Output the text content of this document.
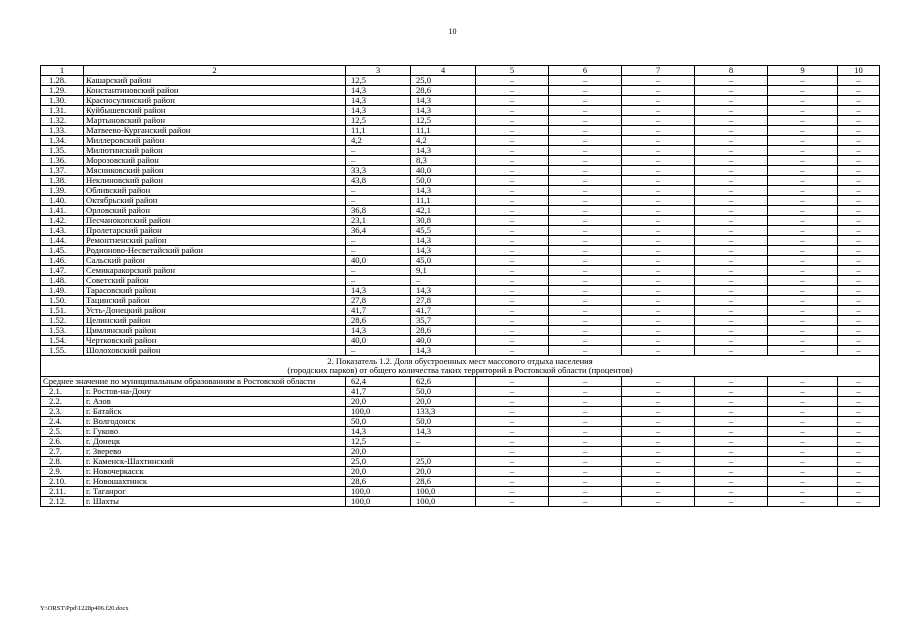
10
1	2	3	4	5	6	7	8	9	10
1.28.	Кашарский район	12,5	25,0	–	–	–	–	–	–
1.29.	Константиновский район	14,3	28,6	–	–	–	–	–	–
1.30.	Красносулинский район	14,3	14,3	–	–	–	–	–	–
1.31.	Куйбышевский район	14,3	14,3	–	–	–	–	–	–
1.32.	Мартыновский район	12,5	12,5	–	–	–	–	–	–
1.33.	Матвеево-Курганский район	11,1	11,1	–	–	–	–	–	–
1.34.	Миллеровский район	4,2	4,2	–	–	–	–	–	–
1.35.	Милютинский район	–	14,3	–	–	–	–	–	–
1.36.	Морозовский район	–	8,3	–	–	–	–	–	–
1.37.	Мясниковский район	33,3	40,0	–	–	–	–	–	–
1.38.	Неклиновский район	43,8	50,0	–	–	–	–	–	–
1.39.	Обливский район	–	14,3	–	–	–	–	–	–
1.40.	Октябрьский район	–	11,1	–	–	–	–	–	–
1.41.	Орловский район	36,8	42,1	–	–	–	–	–	–
1.42.	Песчанокопский район	23,1	30,8	–	–	–	–	–	–
1.43.	Пролетарский район	36,4	45,5	–	–	–	–	–	–
1.44.	Ремонтненский район	–	14,3	–	–	–	–	–	–
1.45.	Родионово-Несветайский район	–	14,3	–	–	–	–	–	–
1.46.	Сальский район	40,0	45,0	–	–	–	–	–	–
1.47.	Семикаракорский район	–	9,1	–	–	–	–	–	–
1.48.	Советский район	–	–	–	–	–	–	–	–
1.49.	Тарасовский район	14,3	14,3	–	–	–	–	–	–
1.50.	Тацинский район	27,8	27,8	–	–	–	–	–	–
1.51.	Усть-Донецкий район	41,7	41,7	–	–	–	–	–	–
1.52.	Целинский район	28,6	35,7	–	–	–	–	–	–
1.53.	Цимлянский район	14,3	28,6	–	–	–	–	–	–
1.54.	Чертковский район	40,0	40,0	–	–	–	–	–	–
1.55.	Шолоховский район	–	14,3	–	–	–	–	–	–

2. Показатель 1.2. Доля обустроенных мест массового отдыха населения
(городских парков) от общего количества таких территорий в Ростовской области (процентов)									

Среднее значение по муниципальным образованиям в Ростовской области		62,4	62,6	–	–	–	–	–	–
2.1.	г. Ростов-на-Дону	41,7	50,0	–	–	–	–	–	–
2.2.	г. Азов	20,0	20,0	–	–	–	–	–	–
2.3.	г. Батайск	100,0	133,3	–	–	–	–	–	–
2.4.	г. Волгодонск	50,0	50,0	–	–	–	–	–	–
2.5.	г. Гуково	14,3	14,3	–	–	–	–	–	–
2.6.	г. Донецк	12,5	–	–	–	–	–	–	–
2.7.	г. Зверево	20,0		–	–	–	–	–	–
2.8.	г. Каменск-Шахтинский	25,0	25,0	–	–	–	–	–	–
2.9.	г. Новочеркасск	20,0	20,0	–	–	–	–	–	–
2.10.	г. Новошахтинск	28,6	28,6	–	–	–	–	–	–
2.11.	г. Таганрог	100,0	100,0	–	–	–	–	–	–
2.12.	г. Шахты	100,0	100,0	–	–	–	–	–	–
Y:\ORST\Ppd\1228p406.f20.docx
